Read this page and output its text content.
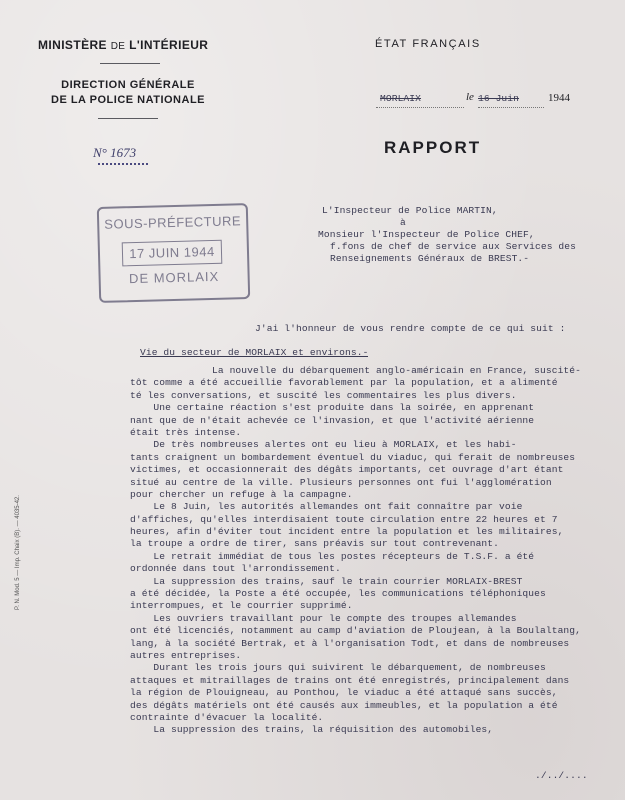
MINISTÈRE DE L'INTÉRIEUR
DIRECTION GÉNÉRALE
DE LA POLICE NATIONALE
ÉTAT FRANÇAIS
MORLAIX	le 16 Juin	1944
RAPPORT
N° 1673
SOUS-PRÉFECTURE
17 JUIN 1944
DE MORLAIX
L'Inspecteur de Police MARTIN,
à
Monsieur l'Inspecteur de Police CHEF,
f.fons de chef de service aux Services des
Renseignements Généraux de BREST.-
J'ai l'honneur de vous rendre compte de ce qui suit :
Vie du secteur de MORLAIX et environs.-
La nouvelle du débarquement anglo-américain en France, suscité-
tôt comme a été accueillie favorablement par la population, et a alimenté
té les conversations, et suscité les commentaires les plus divers.
Une certaine réaction s'est produite dans la soirée, en apprenant
nant que de n'était achevée ce l'invasion, et que l'activité aérienne
était très intense.
De très nombreuses alertes ont eu lieu à MORLAIX, et les habi-
tants craignent un bombardement éventuel du viaduc, qui ferait de nombreuses
victimes, et occasionnerait des dégâts importants, cet ouvrage d'art étant
situé au centre de la ville. Plusieurs personnes ont fui l'agglomération
pour chercher un refuge à la campagne.
Le 8 Juin, les autorités allemandes ont fait connaître par voie
d'affiches, qu'elles interdisaient toute circulation entre 22 heures et 7
heures, afin d'éviter tout incident entre la population et les militaires,
la troupe a ordre de tirer, sans préavis sur tout contrevenant.
Le retrait immédiat de tous les postes récepteurs de T.S.F. a été
ordonnée dans tout l'arrondissement.
La suppression des trains, sauf le train courrier MORLAIX-BREST
a été décidée, la Poste a été occupée, les communications téléphoniques
interrompues, et le courrier supprimé.
Les ouvriers travaillant pour le compte des troupes allemandes
ont été licenciés, notamment au camp d'aviation de Ploujean, à la Boulaltang,
lang, à la société Bertrak, et à l'organisation Todt, et dans de nombreuses
autres entreprises.
Durant les trois jours qui suivirent le débarquement, de nombreuses
attaques et mitraillages de trains ont été enregistrés, principalement dans
la région de Plouigneau, au Ponthou, le viaduc a été attaqué sans succès,
des dégâts matériels ont été causés aux immeubles, et la population a été
contrainte d'évacuer la localité.
La suppression des trains, la réquisition des automobiles,
P. N. Mod. 5 — Imp. Chaix (B). — 4035-42.
./../....
